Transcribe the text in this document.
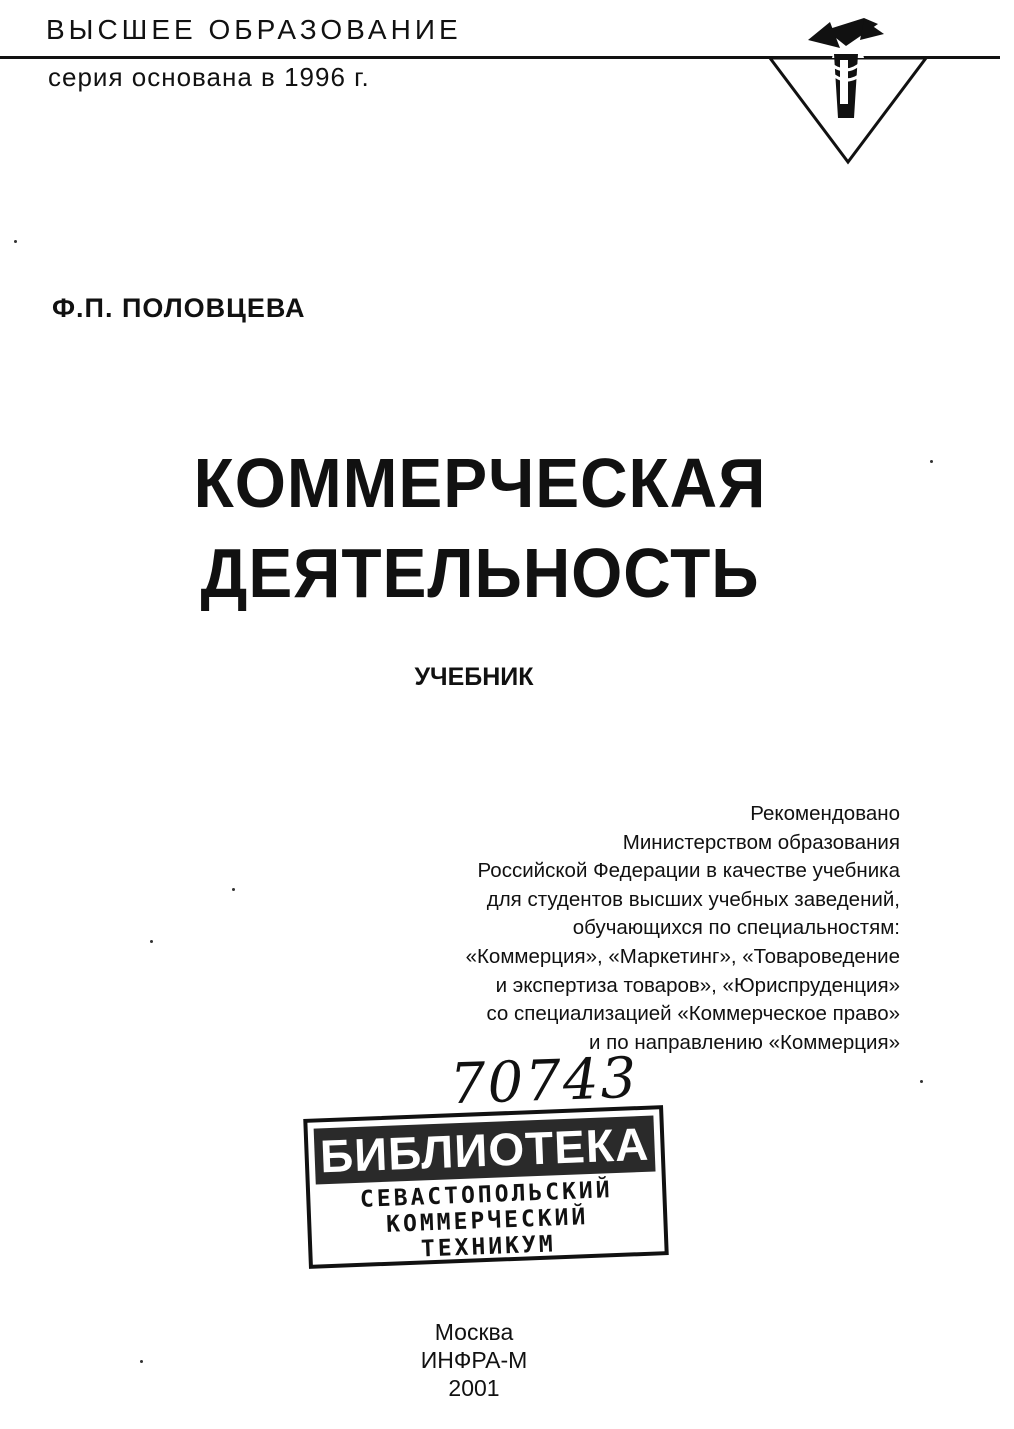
ВЫСШЕЕ ОБРАЗОВАНИЕ
серия основана в 1996 г.
Ф.П. ПОЛОВЦЕВА
КОММЕРЧЕСКАЯ
ДЕЯТЕЛЬНОСТЬ
УЧЕБНИК
Рекомендовано
Министерством образования
Российской Федерации в качестве учебника
для студентов высших учебных заведений,
обучающихся по специальностям:
«Коммерция», «Маркетинг», «Товароведение
и экспертиза товаров», «Юриспруденция»
со специализацией «Коммерческое право»
и по направлению «Коммерция»
70743
БИБЛИОТЕКА
СЕВАСТОПОЛЬСКИЙ
КОММЕРЧЕСКИЙ
ТЕХНИКУМ
Москва
ИНФРА-М
2001
